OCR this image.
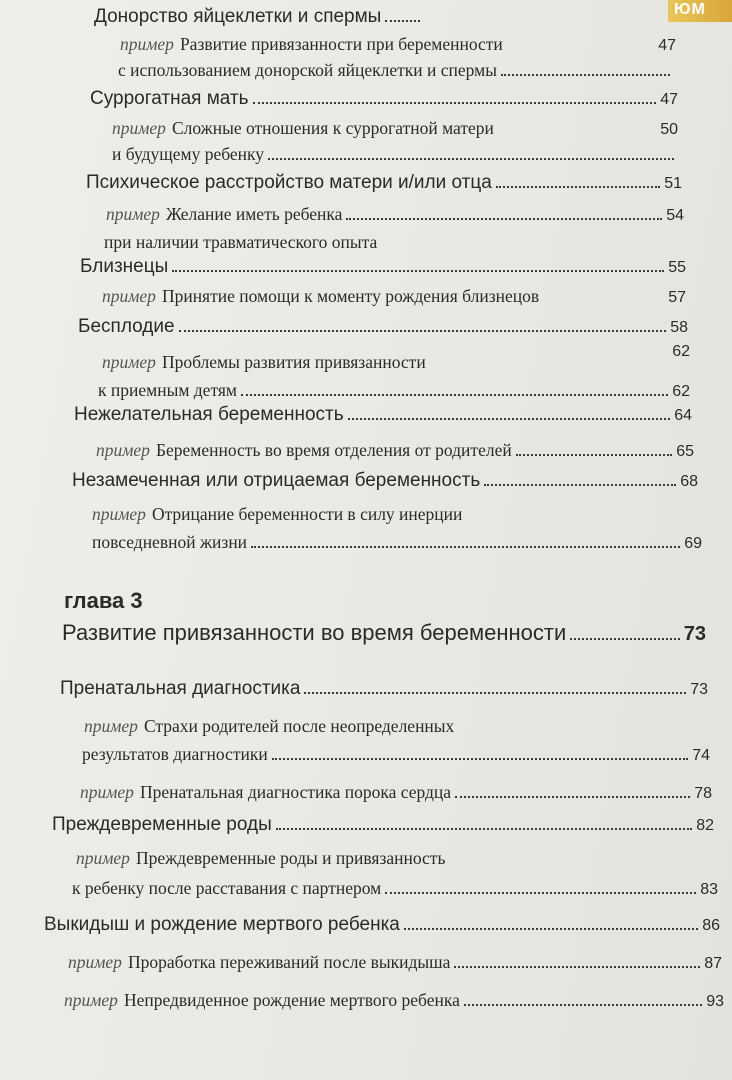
ЮМ
Донорство яйцеклетки и спермы
пример Развитие привязанности при беременности	47
с использованием донорской яйцеклетки и спермы
Суррогатная мать	47
пример Сложные отношения к суррогатной матери	50
и будущему ребенку
Психическое расстройство матери и/или отца	51
пример Желание иметь ребенка	54
при наличии травматического опыта
Близнецы	55
пример Принятие помощи к моменту рождения близнецов	57
Бесплодие	58
пример Проблемы развития привязанности
62
к приемным детям	62
Нежелательная беременность	64
пример Беременность во время отделения от родителей	65
Незамеченная или отрицаемая беременность	68
пример Отрицание беременности в силу инерции
повседневной жизни	69
глава 3
Развитие привязанности во время беременности	73
Пренатальная диагностика	73
пример Страхи родителей после неопределенных
результатов диагностики	74
пример Пренатальная диагностика порока сердца	78
Преждевременные роды	82
пример Преждевременные роды и привязанность
к ребенку после расставания с партнером	83
Выкидыш и рождение мертвого ребенка	86
пример Проработка переживаний после выкидыша	87
пример Непредвиденное рождение мертвого ребенка	93
